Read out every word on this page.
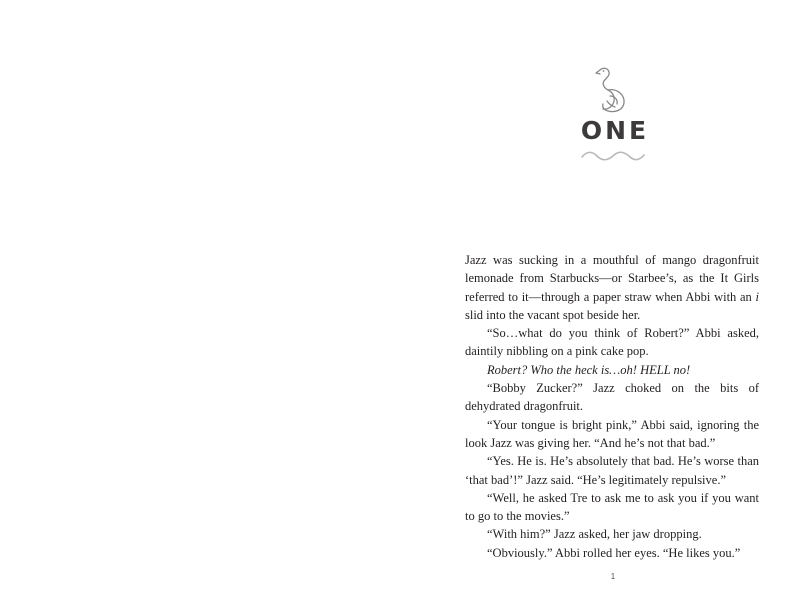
ONE

Jazz was sucking in a mouthful of mango dragonfruit lemonade from Starbucks—or Starbee’s, as the It Girls referred to it—through a paper straw when Abbi with an i slid into the vacant spot beside her.

“So…what do you think of Robert?” Abbi asked, daintily nibbling on a pink cake pop.

Robert? Who the heck is…oh! HELL no!

“Bobby Zucker?” Jazz choked on the bits of dehydrated dragonfruit.

“Your tongue is bright pink,” Abbi said, ignoring the look Jazz was giving her. “And he’s not that bad.”

“Yes. He is. He’s absolutely that bad. He’s worse than ‘that bad’!” Jazz said. “He’s legitimately repulsive.”

“Well, he asked Tre to ask me to ask you if you want to go to the movies.”

“With him?” Jazz asked, her jaw dropping.

“Obviously.” Abbi rolled her eyes. “He likes you.”

1
